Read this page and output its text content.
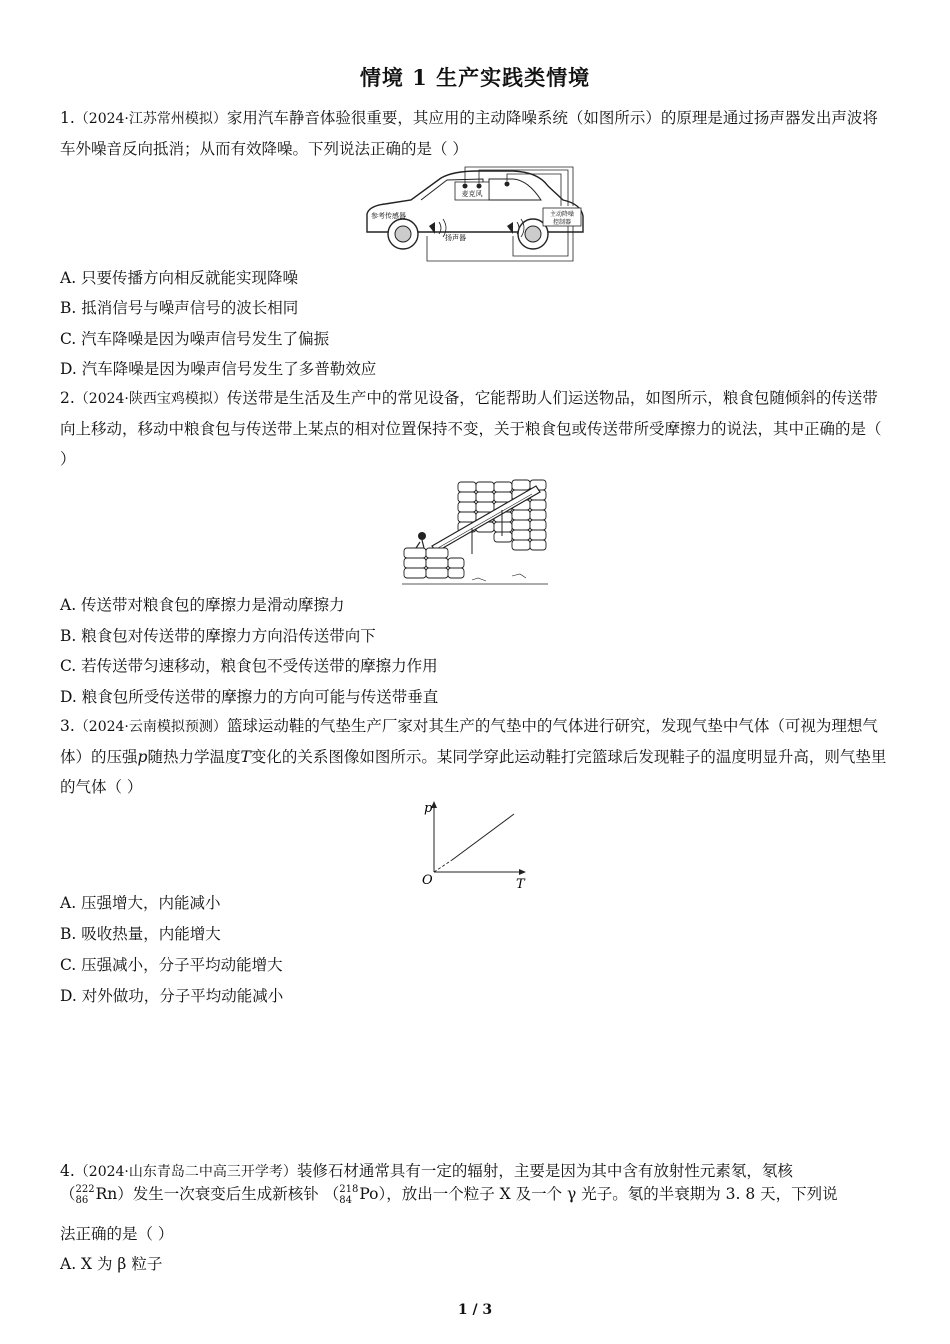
情境 1 生产实践类情境
1.（2024·江苏常州模拟）家用汽车静音体验很重要，其应用的主动降噪系统（如图所示）的原理是通过扬声器发出声波将车外噪音反向抵消；从而有效降噪。下列说法正确的是（ ）
麦克风
主动降噪
控制器
参考传感器
扬声器
A. 只要传播方向相反就能实现降噪
B. 抵消信号与噪声信号的波长相同
C. 汽车降噪是因为噪声信号发生了偏振
D. 汽车降噪是因为噪声信号发生了多普勒效应
2.（2024·陕西宝鸡模拟）传送带是生活及生产中的常见设备，它能帮助人们运送物品，如图所示，粮食包随倾斜的传送带向上移动，移动中粮食包与传送带上某点的相对位置保持不变，关于粮食包或传送带所受摩擦力的说法，其中正确的是（ ）
A. 传送带对粮食包的摩擦力是滑动摩擦力
B. 粮食包对传送带的摩擦力方向沿传送带向下
C. 若传送带匀速移动，粮食包不受传送带的摩擦力作用
D. 粮食包所受传送带的摩擦力的方向可能与传送带垂直
3.（2024·云南模拟预测）篮球运动鞋的气垫生产厂家对其生产的气垫中的气体进行研究，发现气垫中气体（可视为理想气体）的压强p随热力学温度T变化的关系图像如图所示。某同学穿此运动鞋打完篮球后发现鞋子的温度明显升高，则气垫里的气体（ ）
p
T
O
A. 压强增大，内能减小
B. 吸收热量，内能增大
C. 压强减小，分子平均动能增大
D. 对外做功，分子平均动能减小
4.（2024·山东青岛二中高三开学考）装修石材通常具有一定的辐射，主要是因为其中含有放射性元素氡，氡核
（ 222
86 Rn）发生一次衰变后生成新核钋 （ 218
84 Po），放出一个粒子 X 及一个 γ 光子。氡的半衰期为 3. 8 天，下列说
法正确的是（ ）
A. X 为 β 粒子
1 / 3
